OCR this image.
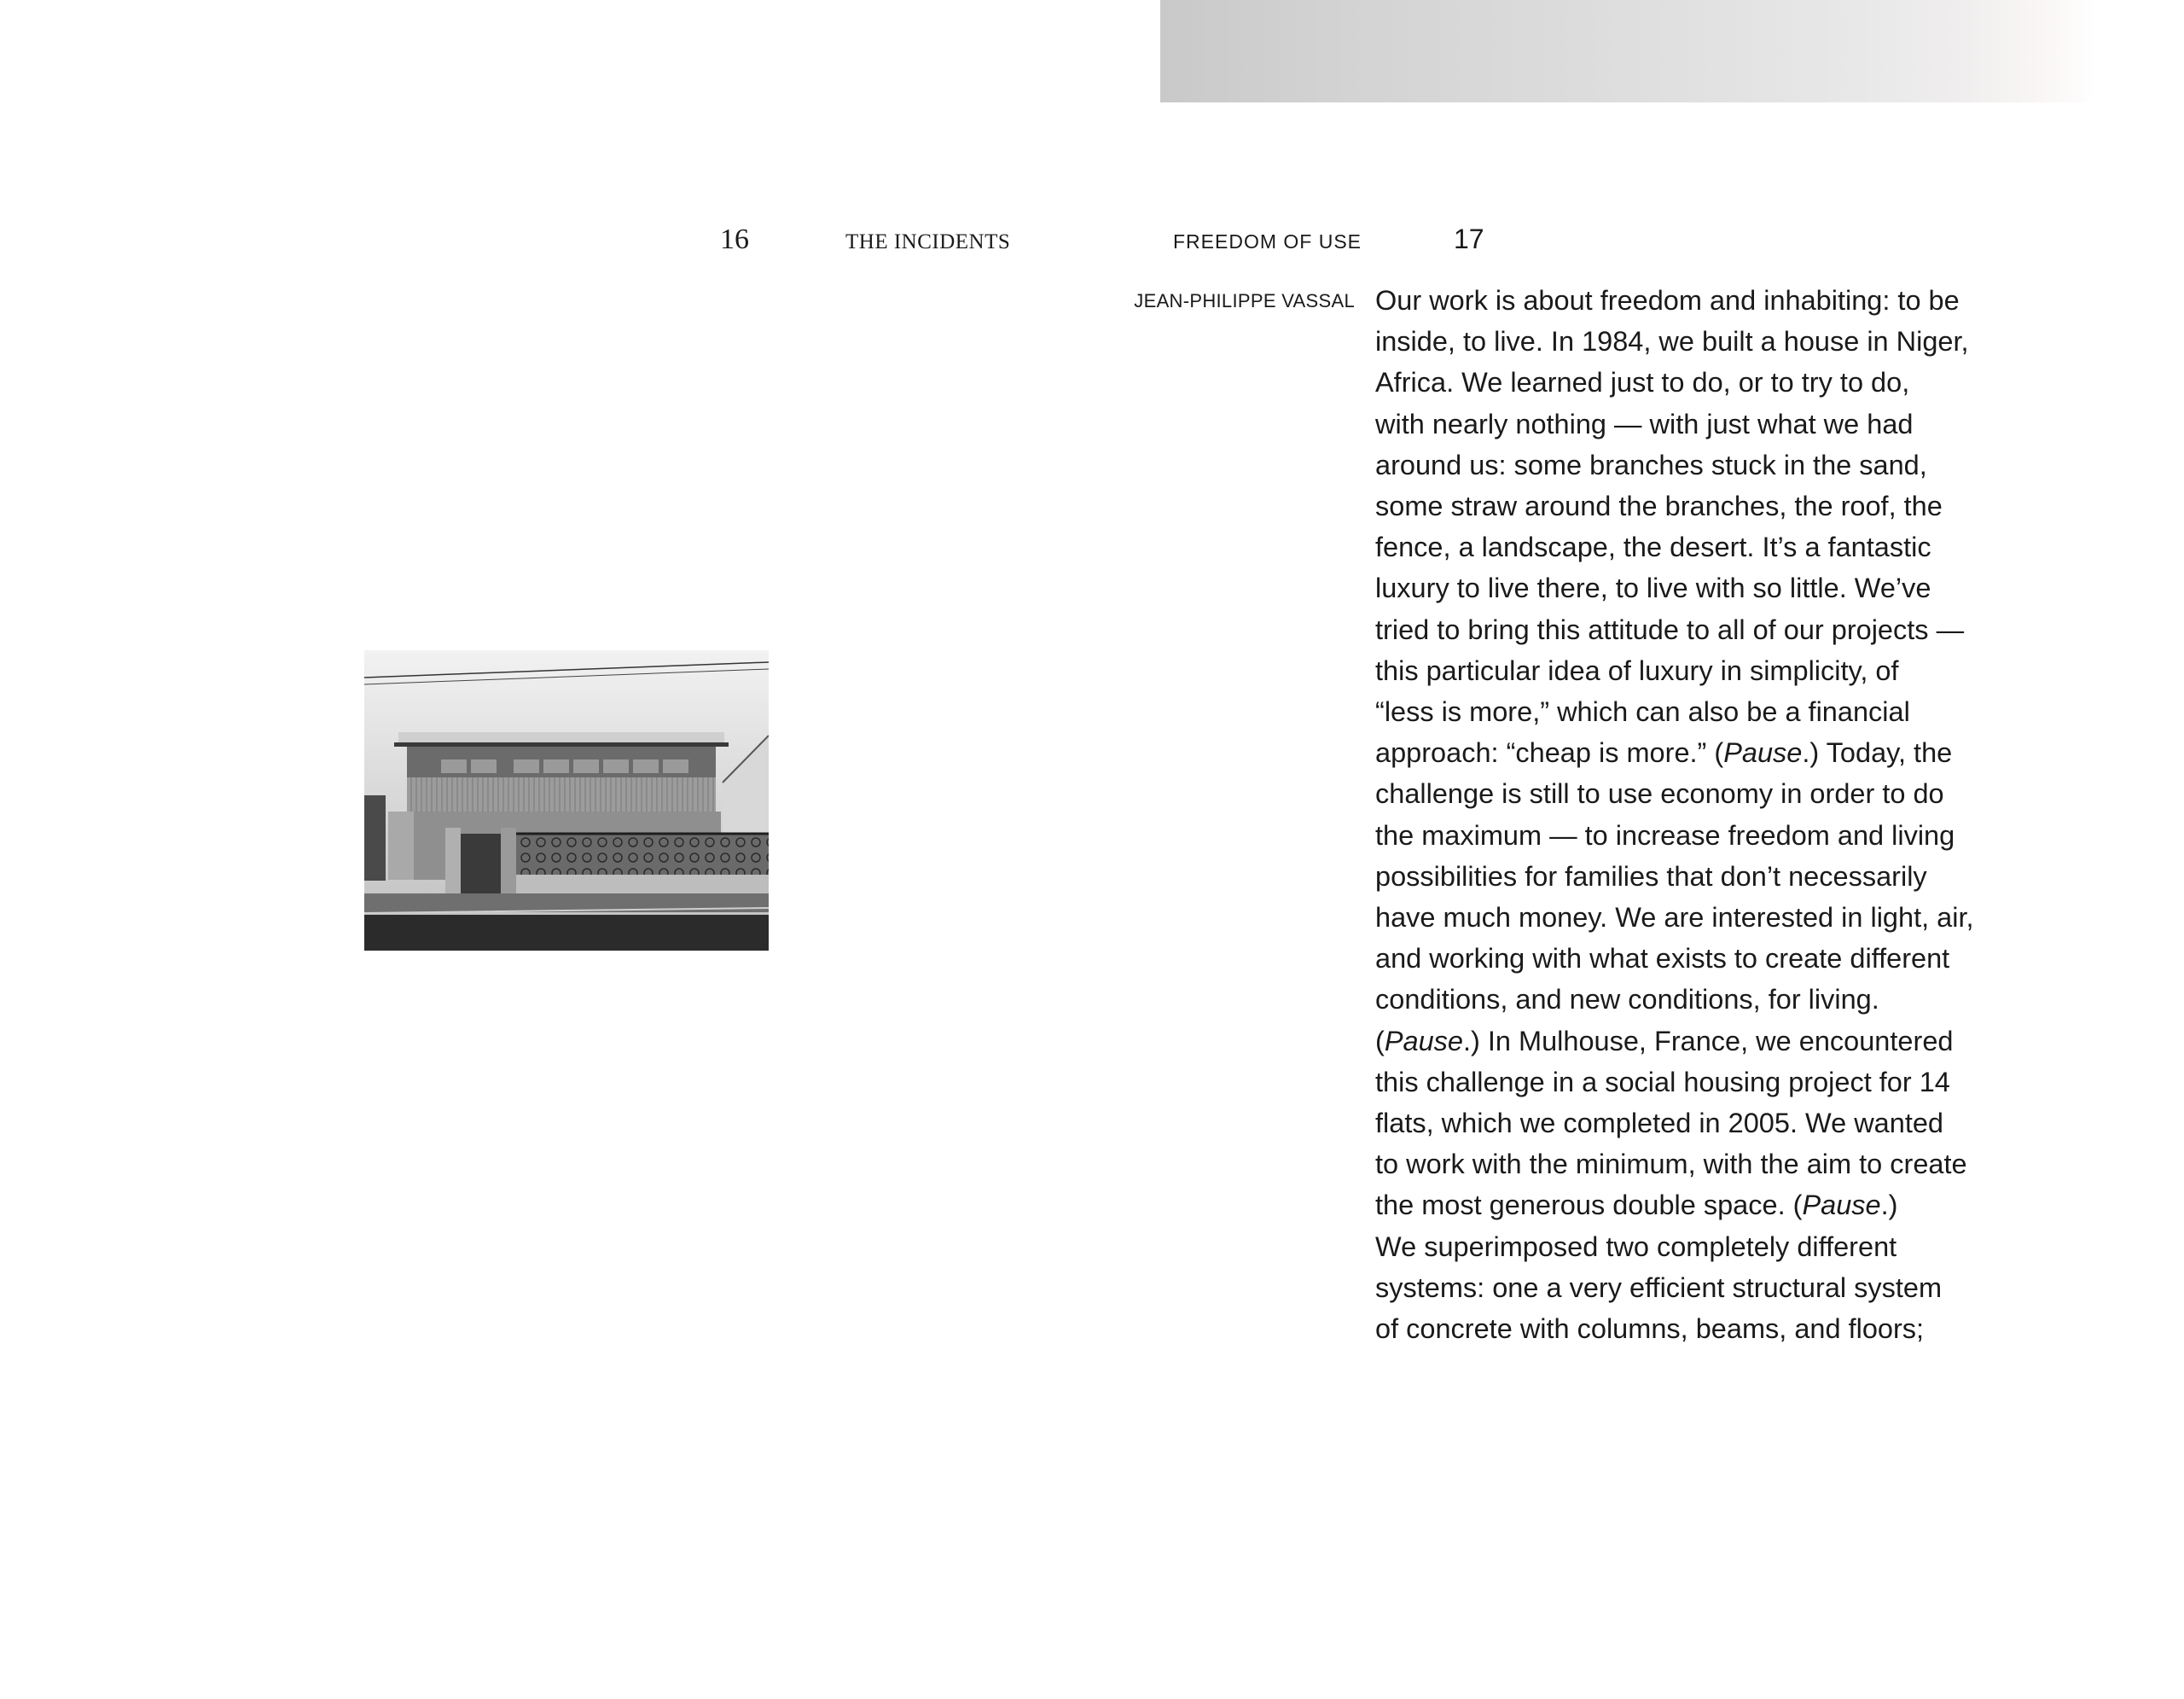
16	THE INCIDENTS	FREEDOM OF USE	17
JEAN-PHILIPPE VASSAL Our work is about freedom and inhabiting: to be
inside, to live. In 1984, we built a house in Niger,
Africa. We learned just to do, or to try to do,
with nearly nothing — with just what we had
around us: some branches stuck in the sand,
some straw around the branches, the roof, the
fence, a landscape, the desert. It’s a fantastic
luxury to live there, to live with so little. We’ve
tried to bring this attitude to all of our projects —
this particular idea of luxury in simplicity, of
“less is more,” which can also be a financial
approach: “cheap is more.” (Pause.) Today, the
challenge is still to use economy in order to do
the maximum — to increase freedom and living
possibilities for families that don’t necessarily
have much money. We are interested in light, air,
and working with what exists to create different
conditions, and new conditions, for living.
(Pause.) In Mulhouse, France, we encountered
this challenge in a social housing project for 14
flats, which we completed in 2005. We wanted
to work with the minimum, with the aim to create
the most generous double space. (Pause.)
We superimposed two completely different
systems: one a very efficient structural system
of concrete with columns, beams, and floors;
